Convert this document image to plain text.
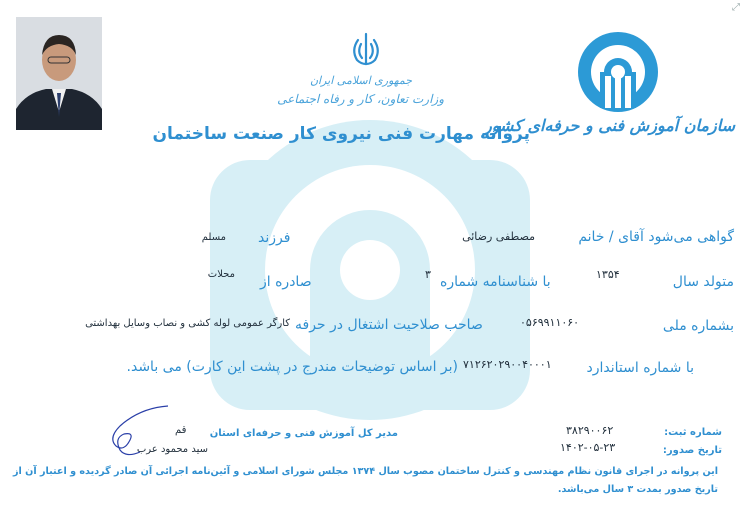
⤢
جمهوری اسلامی ایران
وزارت تعاون، کار و رفاه اجتماعی
سازمان آموزش فنی و حرفه‌ای کشور
پروانه مهارت فنی نیروی کار صنعت ساختمان
گواهی می‌شود آقای / خانم
مصطفی رضائی
فرزند
مسلم
متولد سال
۱۳۵۴
با شناسنامه شماره
۳
صادره از
محلات
بشماره ملی
۰۵۶۹۹۱۱۰۶۰
صاحب صلاحیت اشتغال در حرفه
کارگر عمومی لوله کشی و نصاب وسایل بهداشتی
با شماره استاندارد
۷۱۲۶۲۰۲۹۰۰۴۰۰۰۱
(بر اساس توضیحات مندرج در پشت این کارت) می باشد.
شماره ثبت:
۳۸۲۹۰۰۶۲
تاریخ صدور:
۱۴۰۲-۰۵-۲۳
مدیر کل آموزش فنی و حرفه‌ای استان
قم
سید محمود عرب
این پروانه در اجرای قانون نظام مهندسی و کنترل ساختمان مصوب سال ۱۳۷۴ مجلس شورای اسلامی و آئین‌نامه اجرائی آن صادر گردیده و اعتبار آن از
تاریخ صدور بمدت ۳ سال می‌باشد.
